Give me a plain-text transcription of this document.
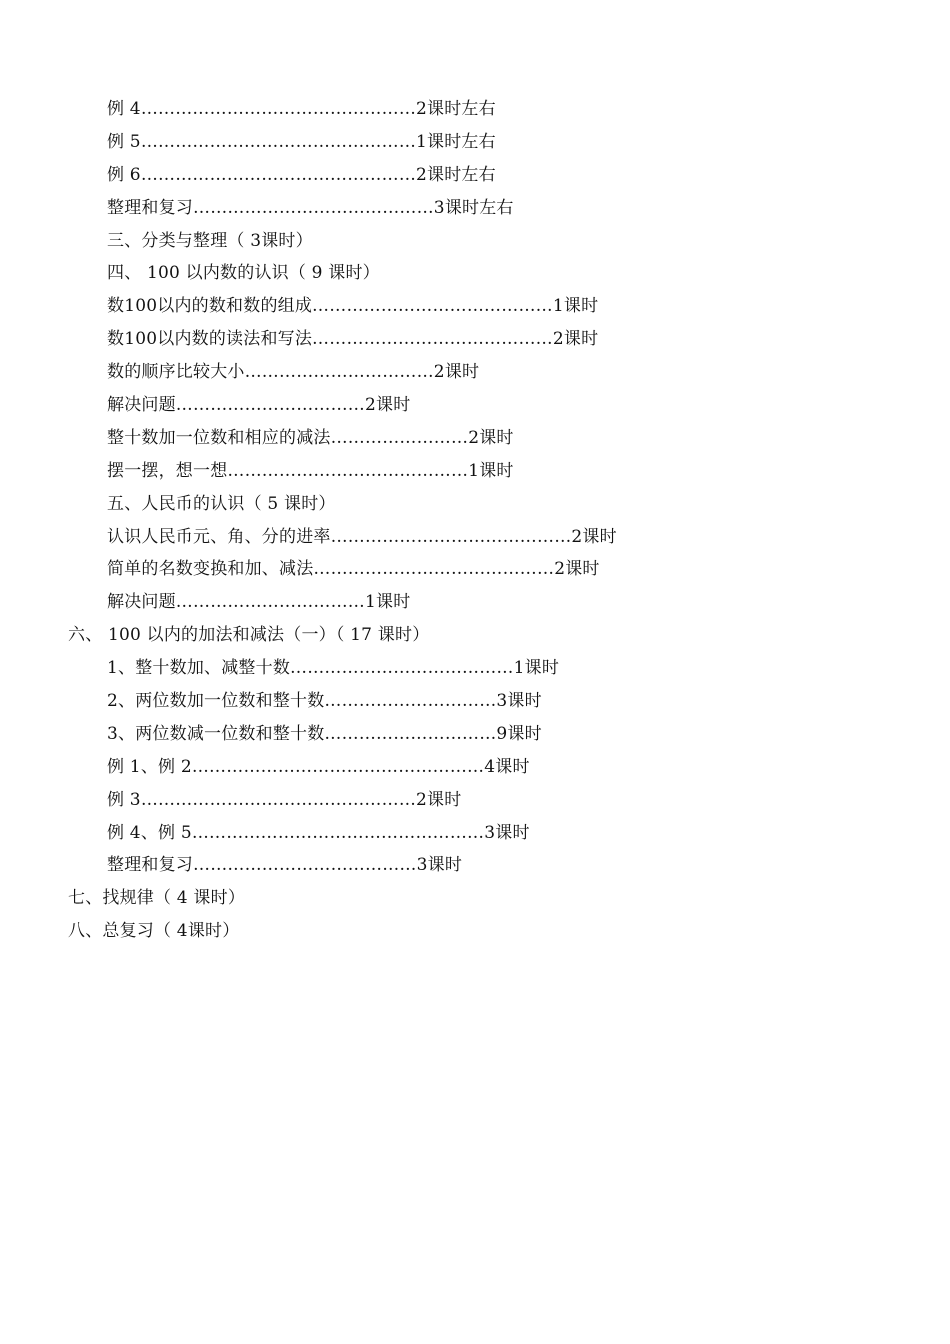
例 4…………………………………………2课时左右
例 5…………………………………………1课时左右
例 6…………………………………………2课时左右
整理和复习……………………………………3课时左右
三、分类与整理（ 3课时）
四、 100 以内数的认识（ 9 课时）
数100以内的数和数的组成……………………………………1课时
数100以内数的读法和写法……………………………………2课时
数的顺序比较大小……………………………2课时
解决问题……………………………2课时
整十数加一位数和相应的减法……………………2课时
摆一摆，想一想……………………………………1课时
五、人民币的认识（ 5 课时）
认识人民币元、角、分的进率……………………………………2课时
简单的名数变换和加、减法……………………………………2课时
解决问题……………………………1课时
六、 100 以内的加法和减法（一）（ 17 课时）
1、整十数加、减整十数…………………………………1课时
2、两位数加一位数和整十数…………………………3课时
3、两位数减一位数和整十数…………………………9课时
例 1、例 2……………………………………………4课时
例 3…………………………………………2课时
例 4、例 5……………………………………………3课时
整理和复习…………………………………3课时
七、找规律（ 4 课时）
八、总复习（ 4课时）
